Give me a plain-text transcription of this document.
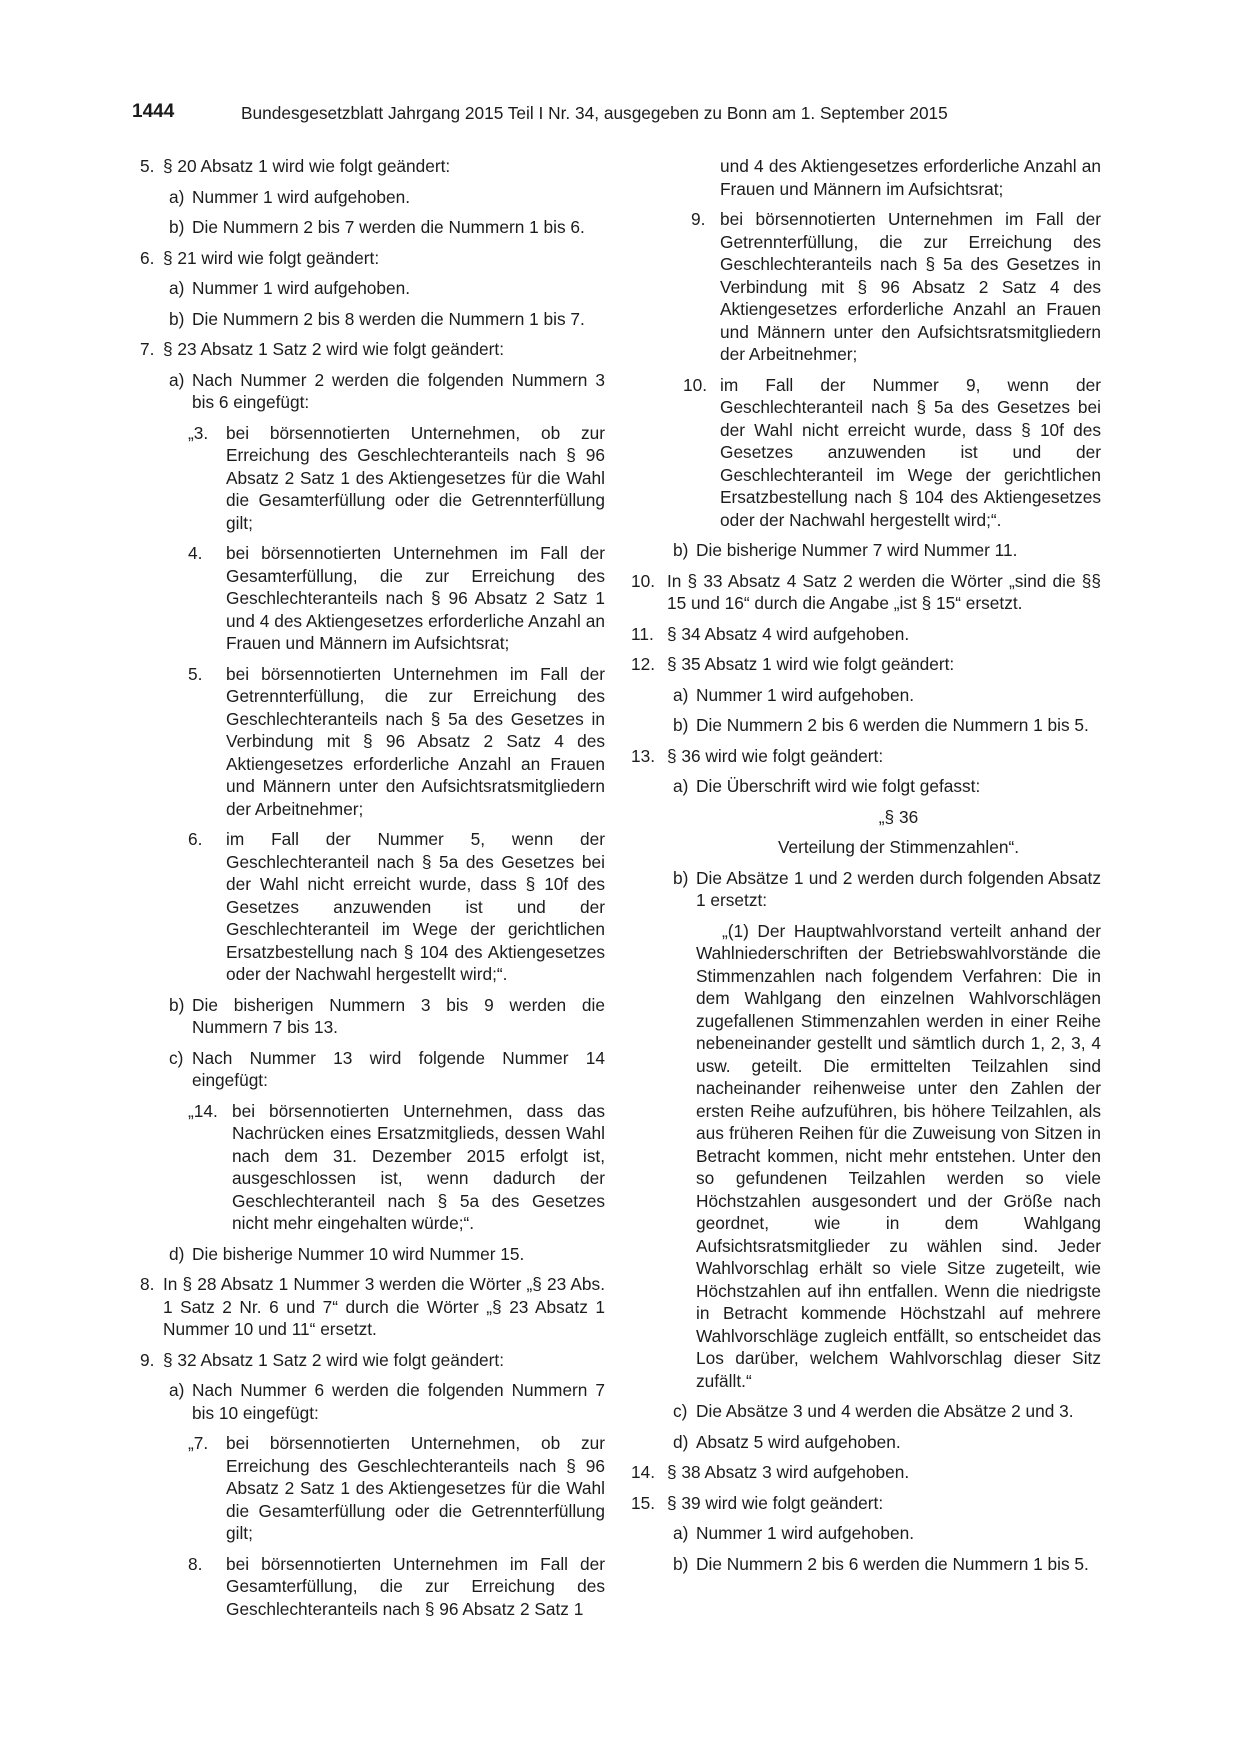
1444	Bundesgesetzblatt Jahrgang 2015 Teil I Nr. 34, ausgegeben zu Bonn am 1. September 2015
5. § 20 Absatz 1 wird wie folgt geändert:
a) Nummer 1 wird aufgehoben.
b) Die Nummern 2 bis 7 werden die Nummern 1 bis 6.
6. § 21 wird wie folgt geändert:
a) Nummer 1 wird aufgehoben.
b) Die Nummern 2 bis 8 werden die Nummern 1 bis 7.
7. § 23 Absatz 1 Satz 2 wird wie folgt geändert:
a) Nach Nummer 2 werden die folgenden Nummern 3 bis 6 eingefügt:
„3. bei börsennotierten Unternehmen, ob zur Erreichung des Geschlechteranteils nach § 96 Absatz 2 Satz 1 des Aktiengesetzes für die Wahl die Gesamterfüllung oder die Getrennterfüllung gilt;
4. bei börsennotierten Unternehmen im Fall der Gesamterfüllung, die zur Erreichung des Geschlechteranteils nach § 96 Absatz 2 Satz 1 und 4 des Aktiengesetzes erforderliche Anzahl an Frauen und Männern im Aufsichtsrat;
5. bei börsennotierten Unternehmen im Fall der Getrennterfüllung, die zur Erreichung des Geschlechteranteils nach § 5a des Gesetzes in Verbindung mit § 96 Absatz 2 Satz 4 des Aktiengesetzes erforderliche Anzahl an Frauen und Männern unter den Aufsichtsratsmitgliedern der Arbeitnehmer;
6. im Fall der Nummer 5, wenn der Geschlechteranteil nach § 5a des Gesetzes bei der Wahl nicht erreicht wurde, dass § 10f des Gesetzes anzuwenden ist und der Geschlechteranteil im Wege der gerichtlichen Ersatzbestellung nach § 104 des Aktiengesetzes oder der Nachwahl hergestellt wird;“.
b) Die bisherigen Nummern 3 bis 9 werden die Nummern 7 bis 13.
c) Nach Nummer 13 wird folgende Nummer 14 eingefügt:
„14. bei börsennotierten Unternehmen, dass das Nachrücken eines Ersatzmitglieds, dessen Wahl nach dem 31. Dezember 2015 erfolgt ist, ausgeschlossen ist, wenn dadurch der Geschlechteranteil nach § 5a des Gesetzes nicht mehr eingehalten würde;“.
d) Die bisherige Nummer 10 wird Nummer 15.
8. In § 28 Absatz 1 Nummer 3 werden die Wörter „§ 23 Abs. 1 Satz 2 Nr. 6 und 7“ durch die Wörter „§ 23 Absatz 1 Nummer 10 und 11“ ersetzt.
9. § 32 Absatz 1 Satz 2 wird wie folgt geändert:
a) Nach Nummer 6 werden die folgenden Nummern 7 bis 10 eingefügt:
„7. bei börsennotierten Unternehmen, ob zur Erreichung des Geschlechteranteils nach § 96 Absatz 2 Satz 1 des Aktiengesetzes für die Wahl die Gesamterfüllung oder die Getrennterfüllung gilt;
8. bei börsennotierten Unternehmen im Fall der Gesamterfüllung, die zur Erreichung des Geschlechteranteils nach § 96 Absatz 2 Satz 1
und 4 des Aktiengesetzes erforderliche Anzahl an Frauen und Männern im Aufsichtsrat;
9. bei börsennotierten Unternehmen im Fall der Getrennterfüllung, die zur Erreichung des Geschlechteranteils nach § 5a des Gesetzes in Verbindung mit § 96 Absatz 2 Satz 4 des Aktiengesetzes erforderliche Anzahl an Frauen und Männern unter den Aufsichtsratsmitgliedern der Arbeitnehmer;
10. im Fall der Nummer 9, wenn der Geschlechteranteil nach § 5a des Gesetzes bei der Wahl nicht erreicht wurde, dass § 10f des Gesetzes anzuwenden ist und der Geschlechteranteil im Wege der gerichtlichen Ersatzbestellung nach § 104 des Aktiengesetzes oder der Nachwahl hergestellt wird;“.
b) Die bisherige Nummer 7 wird Nummer 11.
10. In § 33 Absatz 4 Satz 2 werden die Wörter „sind die §§ 15 und 16“ durch die Angabe „ist § 15“ ersetzt.
11. § 34 Absatz 4 wird aufgehoben.
12. § 35 Absatz 1 wird wie folgt geändert:
a) Nummer 1 wird aufgehoben.
b) Die Nummern 2 bis 6 werden die Nummern 1 bis 5.
13. § 36 wird wie folgt geändert:
a) Die Überschrift wird wie folgt gefasst:
„§ 36
Verteilung der Stimmenzahlen“.
b) Die Absätze 1 und 2 werden durch folgenden Absatz 1 ersetzt:
„(1) Der Hauptwahlvorstand verteilt anhand der Wahlniederschriften der Betriebswahlvorstände die Stimmenzahlen nach folgendem Verfahren: Die in dem Wahlgang den einzelnen Wahlvorschlägen zugefallenen Stimmenzahlen werden in einer Reihe nebeneinander gestellt und sämtlich durch 1, 2, 3, 4 usw. geteilt. Die ermittelten Teilzahlen sind nacheinander reihenweise unter den Zahlen der ersten Reihe aufzuführen, bis höhere Teilzahlen, als aus früheren Reihen für die Zuweisung von Sitzen in Betracht kommen, nicht mehr entstehen. Unter den so gefundenen Teilzahlen werden so viele Höchstzahlen ausgesondert und der Größe nach geordnet, wie in dem Wahlgang Aufsichtsratsmitglieder zu wählen sind. Jeder Wahlvorschlag erhält so viele Sitze zugeteilt, wie Höchstzahlen auf ihn entfallen. Wenn die niedrigste in Betracht kommende Höchstzahl auf mehrere Wahlvorschläge zugleich entfällt, so entscheidet das Los darüber, welchem Wahlvorschlag dieser Sitz zufällt.“
c) Die Absätze 3 und 4 werden die Absätze 2 und 3.
d) Absatz 5 wird aufgehoben.
14. § 38 Absatz 3 wird aufgehoben.
15. § 39 wird wie folgt geändert:
a) Nummer 1 wird aufgehoben.
b) Die Nummern 2 bis 6 werden die Nummern 1 bis 5.
